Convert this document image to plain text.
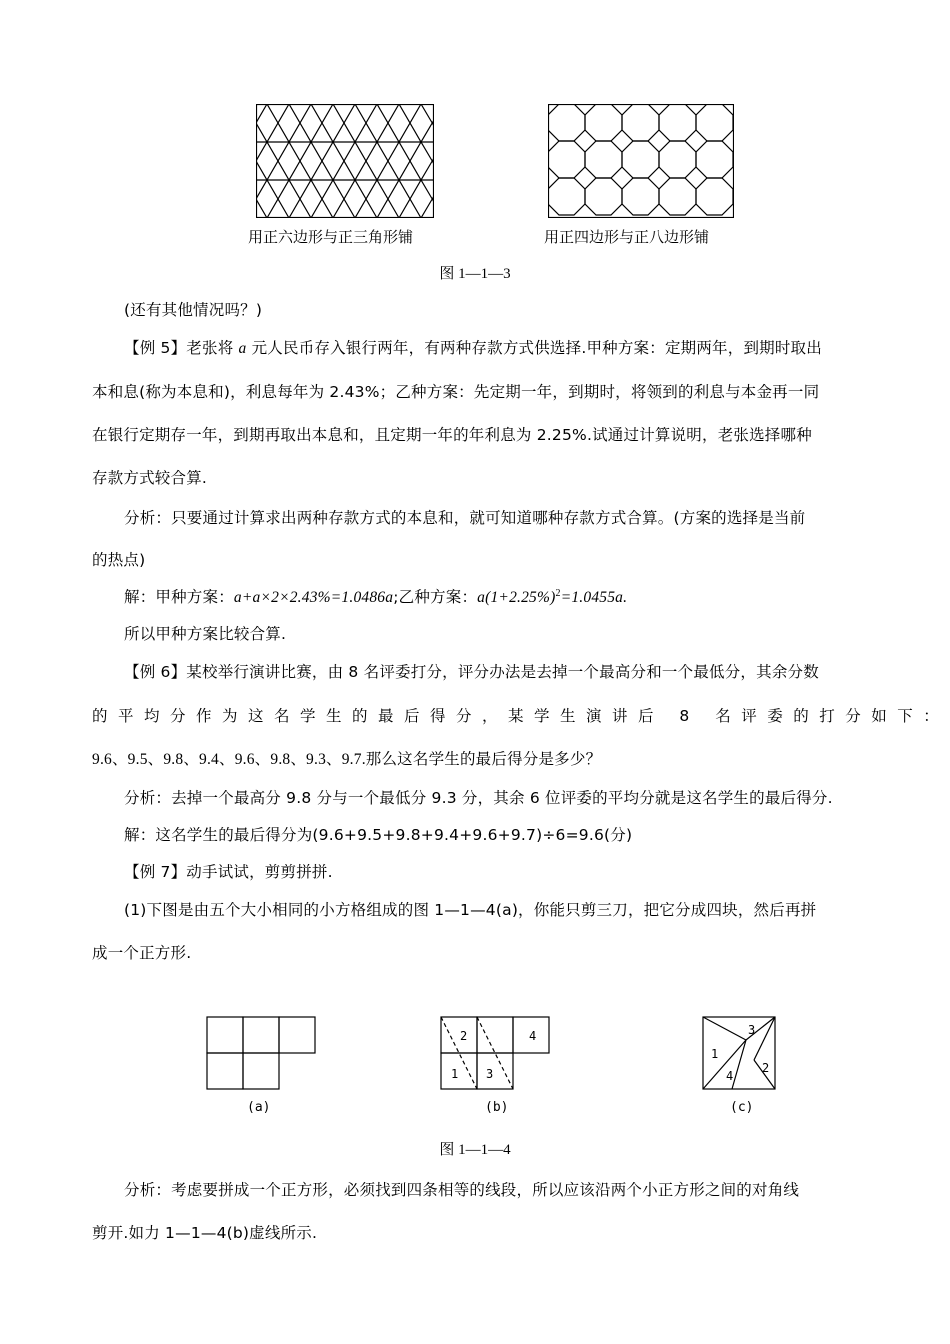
用正六边形与正三角形铺	用正四边形与正八边形铺
图 1—1—3
(还有其他情况吗？)
【例 5】老张将 a 元人民币存入银行两年，有两种存款方式供选择.甲种方案：定期两年，到期时取出
本和息(称为本息和)，利息每年为 2.43%；乙种方案：先定期一年，到期时，将领到的利息与本金再一同
在银行定期存一年，到期再取出本息和，且定期一年的年利息为 2.25%.试通过计算说明，老张选择哪种
存款方式较合算.
分析：只要通过计算求出两种存款方式的本息和，就可知道哪种存款方式合算。(方案的选择是当前
的热点)
解：甲种方案：a+a×2×2.43%=1.0486a;乙种方案：$a(1+2.25\%)^2=1.0455a$.
所以甲种方案比较合算.
【例 6】某校举行演讲比赛，由 8 名评委打分，评分办法是去掉一个最高分和一个最低分，其余分数
的平均分作为这名学生的最后得分，某学生演讲后 8 名评委的打分如下：
9.6、9.5、9.8、9.4、9.6、9.8、9.3、9.7.那么这名学生的最后得分是多少？
分析：去掉一个最高分 9.8 分与一个最低分 9.3 分，其余 6 位评委的平均分就是这名学生的最后得分.
解：这名学生的最后得分为(9.6+9.5+9.8+9.4+9.6+9.7)÷6=9.6(分)
【例 7】动手试试，剪剪拼拼.
(1)下图是由五个大小相同的小方格组成的图 1—1—4(a)，你能只剪三刀，把它分成四块，然后再拼
成一个正方形.
(a)
2	4
1 3
(b)
3
1
2
4
(c)
图 1—1—4
分析：考虑要拼成一个正方形，必须找到四条相等的线段，所以应该沿两个小正方形之间的对角线
剪开.如力 1—1—4(b)虚线所示.
